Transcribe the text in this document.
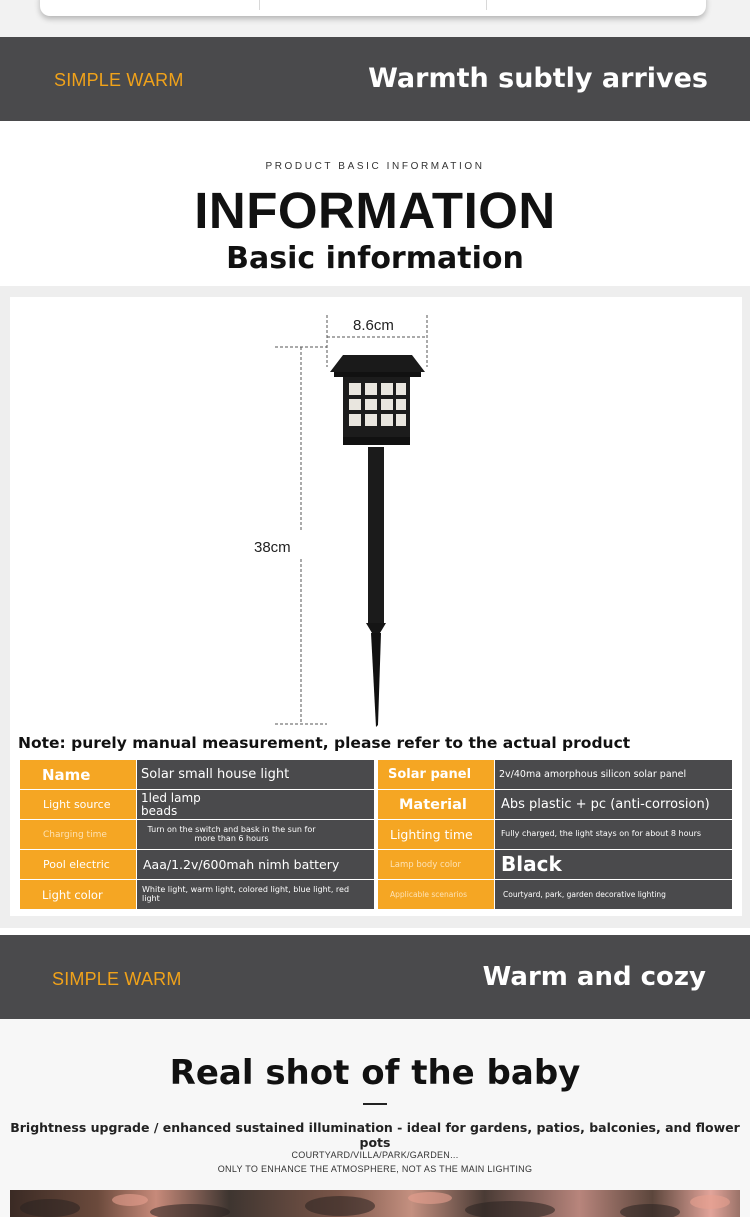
SIMPLE WARM	Warmth subtly arrives
PRODUCT BASIC INFORMATION
INFORMATION
Basic information
8.6cm
38cm
Note: purely manual measurement, please refer to the actual product
Name	Solar small house light	Solar panel	2v/40ma amorphous silicon solar panel
Light source	1led lamp beads	Material	Abs plastic + pc (anti-corrosion)
Charging time	Turn on the switch and bask in the sun for more than 6 hours	Lighting time	Fully charged, the light stays on for about 8 hours
Pool electric	Aaa/1.2v/600mah nimh battery	Lamp body color	Black
Light color	White light, warm light, colored light, blue light, red light	Applicable scenarios	Courtyard, park, garden decorative lighting
SIMPLE WARM	Warm and cozy
Real shot of the baby
Brightness upgrade / enhanced sustained illumination - ideal for gardens, patios, balconies, and flower pots
COURTYARD/VILLA/PARK/GARDEN...
ONLY TO ENHANCE THE ATMOSPHERE, NOT AS THE MAIN LIGHTING
